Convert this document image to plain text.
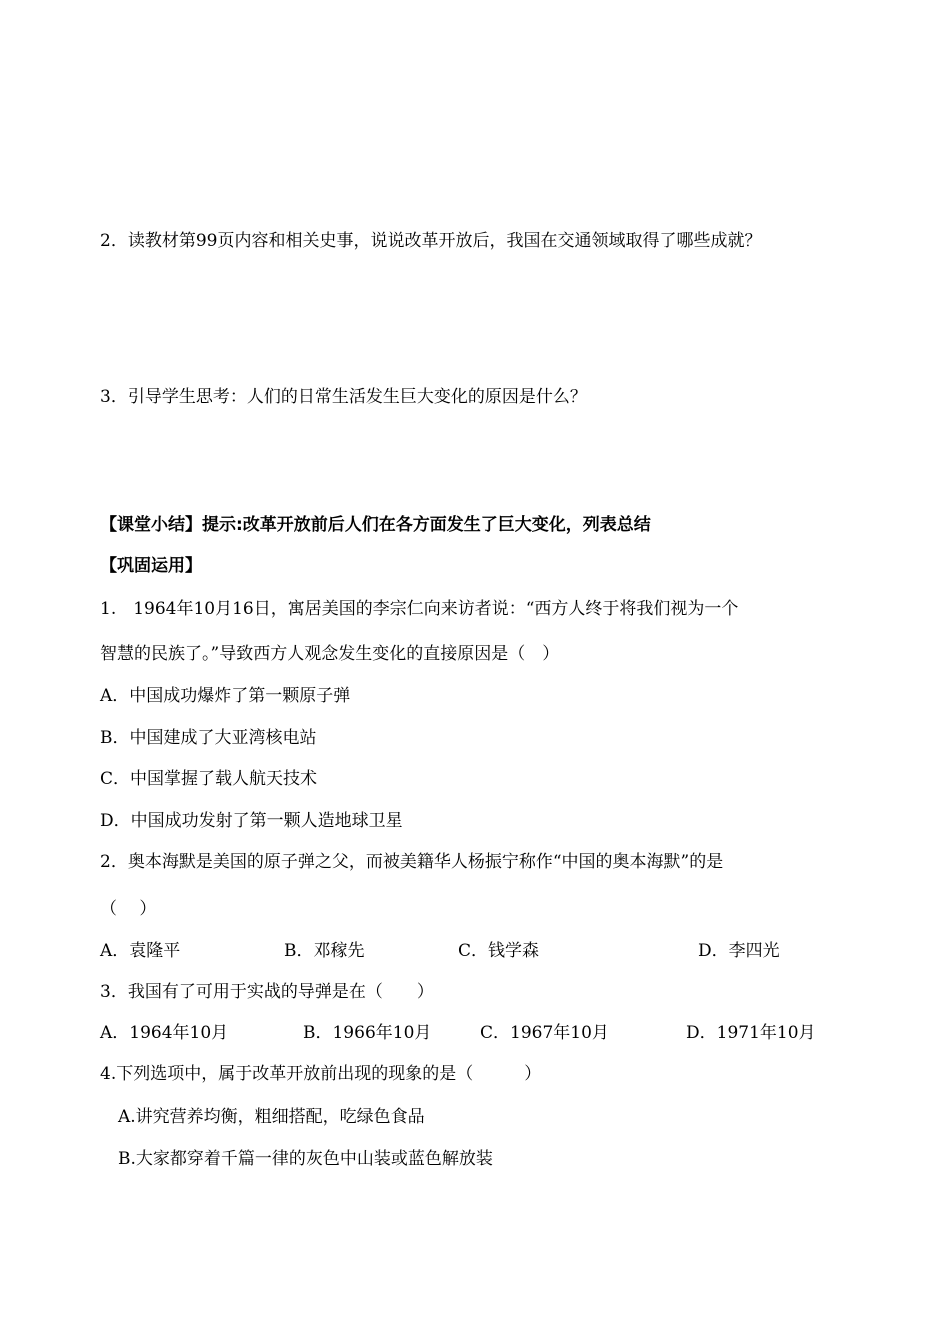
2．读教材第99页内容和相关史事，说说改革开放后，我国在交通领域取得了哪些成就？
3．引导学生思考：人们的日常生活发生巨大变化的原因是什么？
【课堂小结】提示:改革开放前后人们在各方面发生了巨大变化，列表总结
【巩固运用】
1.　1964年10月16日，寓居美国的李宗仁向来访者说：“西方人终于将我们视为一个
智慧的民族了。”导致西方人观念发生变化的直接原因是（　）
A．中国成功爆炸了第一颗原子弹
B．中国建成了大亚湾核电站
C．中国掌握了载人航天技术
D．中国成功发射了第一颗人造地球卫星
2．奥本海默是美国的原子弹之父，而被美籍华人杨振宁称作“中国的奥本海默”的是
（　 ）
A．袁隆平	B．邓稼先	C．钱学森	D．李四光
3．我国有了可用于实战的导弹是在（　　）
A．1964年10月	B．1966年10月	C．1967年10月	D．1971年10月
4.下列选项中，属于改革开放前出现的现象的是（　　　）
A.讲究营养均衡，粗细搭配，吃绿色食品
B.大家都穿着千篇一律的灰色中山装或蓝色解放装
